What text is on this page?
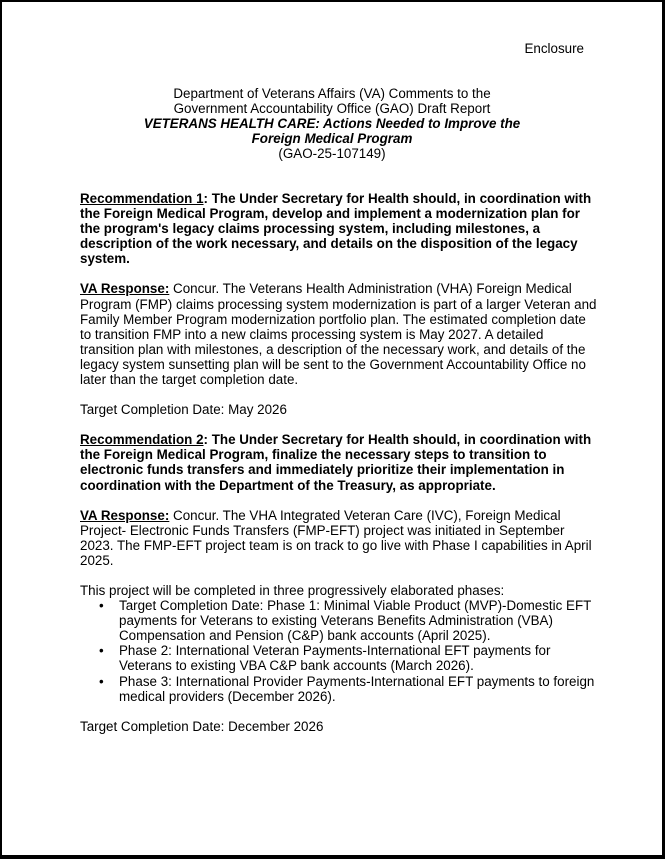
Enclosure
Department of Veterans Affairs (VA) Comments to the
Government Accountability Office (GAO) Draft Report
VETERANS HEALTH CARE: Actions Needed to Improve the
Foreign Medical Program
(GAO-25-107149)

Recommendation 1: The Under Secretary for Health should, in coordination with the Foreign Medical Program, develop and implement a modernization plan for the program's legacy claims processing system, including milestones, a description of the work necessary, and details on the disposition of the legacy system.

VA Response: Concur. The Veterans Health Administration (VHA) Foreign Medical Program (FMP) claims processing system modernization is part of a larger Veteran and Family Member Program modernization portfolio plan. The estimated completion date to transition FMP into a new claims processing system is May 2027. A detailed transition plan with milestones, a description of the necessary work, and details of the legacy system sunsetting plan will be sent to the Government Accountability Office no later than the target completion date.

Target Completion Date: May 2026

Recommendation 2: The Under Secretary for Health should, in coordination with the Foreign Medical Program, finalize the necessary steps to transition to electronic funds transfers and immediately prioritize their implementation in coordination with the Department of the Treasury, as appropriate.

VA Response: Concur. The VHA Integrated Veteran Care (IVC), Foreign Medical Project- Electronic Funds Transfers (FMP-EFT) project was initiated in September 2023. The FMP-EFT project team is on track to go live with Phase I capabilities in April 2025.

This project will be completed in three progressively elaborated phases:

• Target Completion Date: Phase 1: Minimal Viable Product (MVP)-Domestic EFT payments for Veterans to existing Veterans Benefits Administration (VBA) Compensation and Pension (C&P) bank accounts (April 2025).
• Phase 2: International Veteran Payments-International EFT payments for Veterans to existing VBA C&P bank accounts (March 2026).
• Phase 3: International Provider Payments-International EFT payments to foreign medical providers (December 2026).

Target Completion Date: December 2026
